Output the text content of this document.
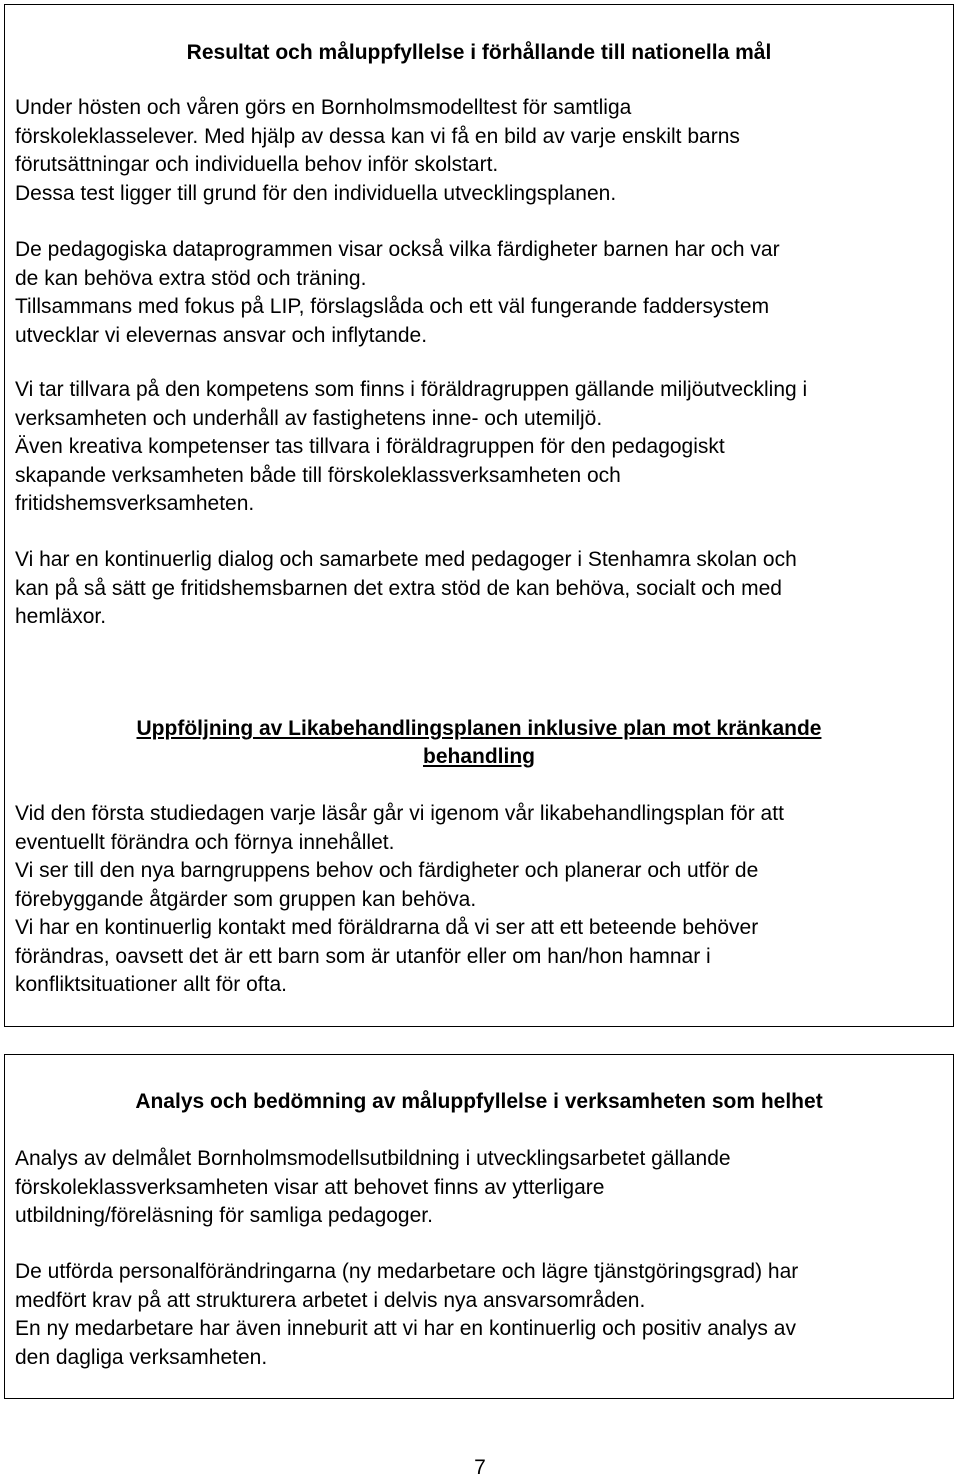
Resultat och måluppfyllelse i förhållande till nationella mål
Under hösten och våren görs en Bornholmsmodelltest för samtliga
förskoleklasselever. Med hjälp av dessa kan vi få en bild av varje enskilt barns
förutsättningar och individuella behov inför skolstart.
Dessa test ligger till grund för den individuella utvecklingsplanen.
De pedagogiska dataprogrammen visar också vilka färdigheter barnen har och var
de kan behöva extra stöd och träning.
Tillsammans med fokus på LIP, förslagslåda och ett väl fungerande faddersystem
utvecklar vi elevernas ansvar och inflytande.
Vi tar tillvara på den kompetens som finns i föräldragruppen gällande miljöutveckling i
verksamheten och underhåll av fastighetens inne- och utemiljö.
Även kreativa kompetenser tas tillvara i föräldragruppen för den pedagogiskt
skapande verksamheten både till förskoleklassverksamheten och
fritidshemsverksamheten.
Vi har en kontinuerlig dialog och samarbete med pedagoger i Stenhamra skolan och
kan på så sätt ge fritidshemsbarnen det extra stöd de kan behöva, socialt och med
hemläxor.
Uppföljning av Likabehandlingsplanen inklusive plan mot kränkande
behandling
Vid den första studiedagen varje läsår går vi igenom vår likabehandlingsplan för att
eventuellt förändra och förnya innehållet.
Vi ser till den nya barngruppens behov och färdigheter och planerar och utför de
förebyggande åtgärder som gruppen kan behöva.
Vi har en kontinuerlig kontakt med föräldrarna då vi ser att ett beteende behöver
förändras, oavsett det är ett barn som är utanför eller om han/hon hamnar i
konfliktsituationer allt för ofta.
Analys och bedömning av måluppfyllelse i verksamheten som helhet
Analys av delmålet Bornholmsmodellsutbildning i utvecklingsarbetet gällande
förskoleklassverksamheten visar att behovet finns av ytterligare
utbildning/föreläsning för samliga pedagoger.
De utförda personalförändringarna (ny medarbetare och lägre tjänstgöringsgrad) har
medfört krav på att strukturera arbetet i delvis nya ansvarsområden.
En ny medarbetare har även inneburit att vi har en kontinuerlig och positiv analys av
den dagliga verksamheten.
7
